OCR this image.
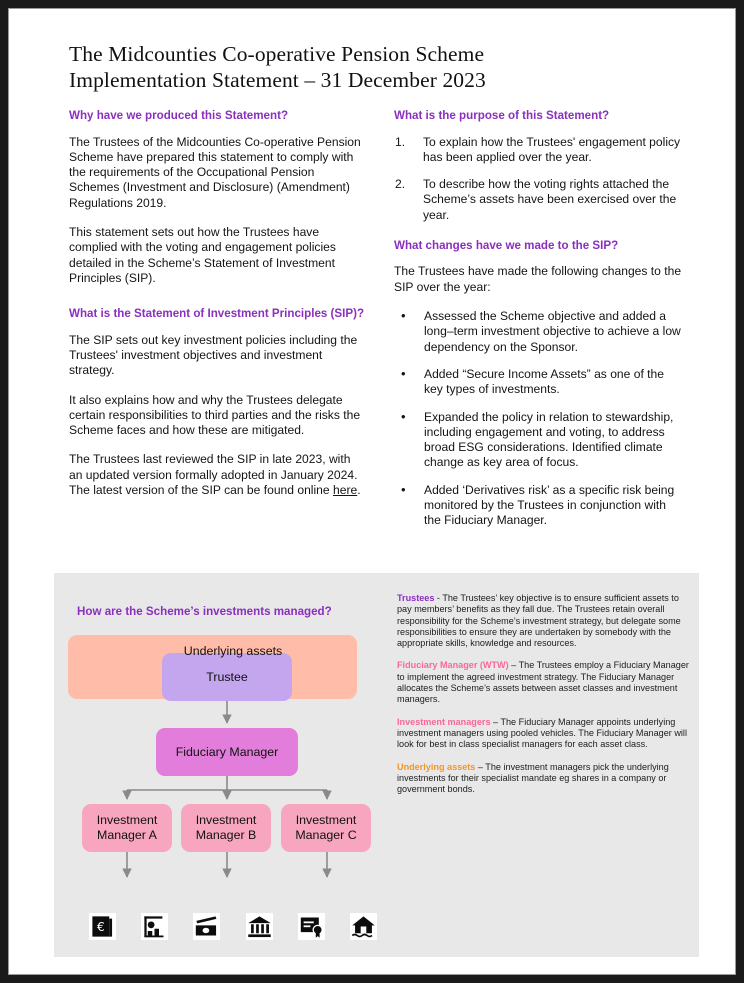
The Midcounties Co-operative Pension Scheme
Implementation Statement – 31 December 2023
Why have we produced this Statement?

The Trustees of the Midcounties Co-operative Pension Scheme have prepared this statement to comply with the requirements of the Occupational Pension Schemes (Investment and Disclosure) (Amendment) Regulations 2019.

This statement sets out how the Trustees have complied with the voting and engagement policies detailed in the Scheme’s Statement of Investment Principles (SIP).

What is the Statement of Investment Principles (SIP)?

The SIP sets out key investment policies including the Trustees' investment objectives and investment strategy.

It also explains how and why the Trustees delegate certain responsibilities to third parties and the risks the Scheme faces and how these are mitigated.

The Trustees last reviewed the SIP in late 2023, with an updated version formally adopted in January 2024. The latest version of the SIP can be found online here.

What is the purpose of this Statement?
To explain how the Trustees' engagement policy has been applied over the year.
To describe how the voting rights attached the Scheme’s assets have been exercised over the year.
What changes have we made to the SIP?

The Trustees have made the following changes to the SIP over the year:

• Assessed the Scheme objective and added a long–term investment objective to achieve a low dependency on the Sponsor.
• Added “Secure Income Assets” as one of the key types of investments.
• Expanded the policy in relation to stewardship, including engagement and voting, to address broad ESG considerations. Identified climate change as key area of focus.
• Added ‘Derivatives risk’ as a specific risk being monitored by the Trustees in conjunction with the Fiduciary Manager.
How are the Scheme’s investments managed?
Trustee
Fiduciary Manager
Investment
Manager A
Investment
Manager B
Investment
Manager C
Underlying assets
€

Trustees - The Trustees’ key objective is to ensure sufficient assets to pay members’ benefits as they fall due. The Trustees retain overall responsibility for the Scheme’s investment strategy, but delegate some responsibilities to ensure they are undertaken by somebody with the appropriate skills, knowledge and resources.

Fiduciary Manager (WTW) – The Trustees employ a Fiduciary Manager to implement the agreed investment strategy. The Fiduciary Manager allocates the Scheme’s assets between asset classes and investment managers.

Investment managers – The Fiduciary Manager appoints underlying investment managers using pooled vehicles. The Fiduciary Manager will look for best in class specialist managers for each asset class.

Underlying assets – The investment managers pick the underlying investments for their specialist mandate eg shares in a company or government bonds.
